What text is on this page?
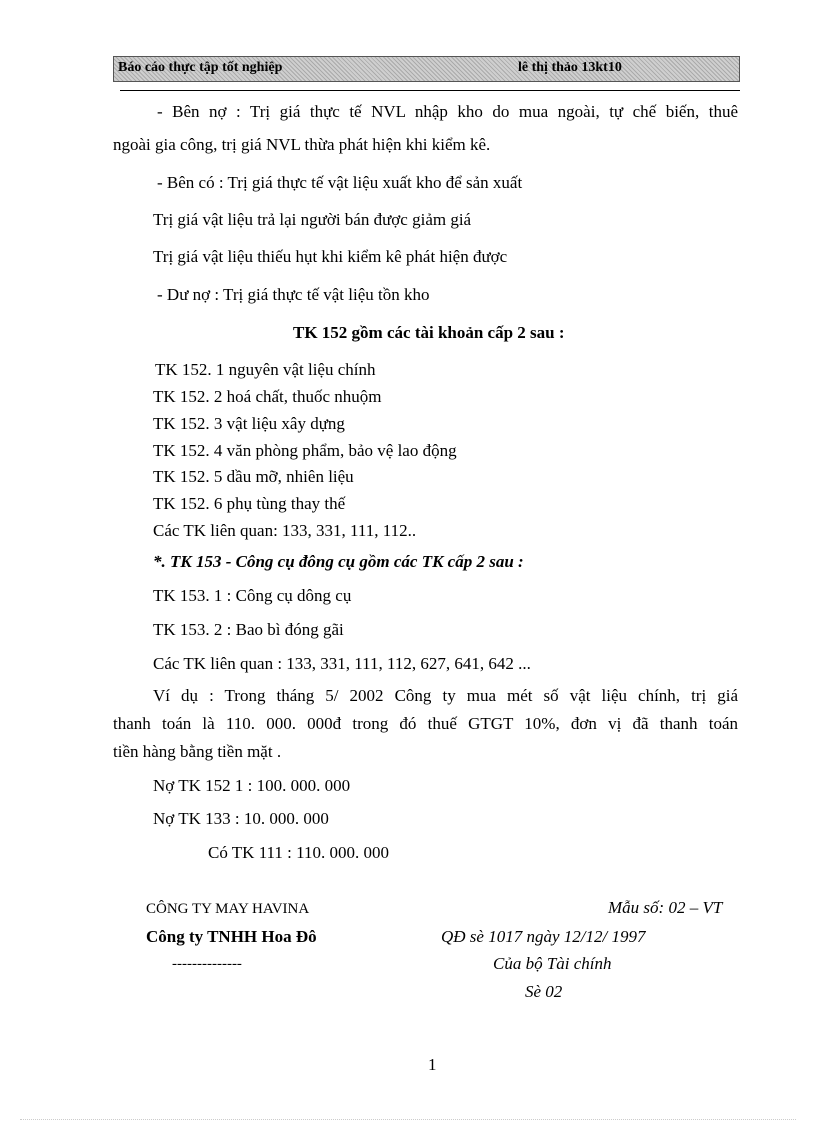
Báo cáo thực tập tốt nghiệp	lê thị thảo 13kt10
- Bên nợ : Trị giá thực tế NVL nhập kho do mua ngoài, tự chế biến, thuê
ngoài gia công, trị giá NVL thừa phát hiện khi kiểm kê.
- Bên có : Trị giá thực tế vật liệu xuất kho để sản xuất
Trị giá vật liệu trả lại người bán được giảm giá
Trị giá vật liệu thiếu hụt khi kiểm kê phát hiện được
- Dư nợ : Trị giá thực tế vật liệu tồn kho
TK 152 gồm các tài khoản cấp 2 sau :
TK 152. 1 nguyên vật liệu chính
TK 152. 2 hoá chất, thuốc nhuộm
TK 152. 3 vật liệu xây dựng
TK 152. 4 văn phòng phẩm, bảo vệ lao động
TK 152. 5 dầu mỡ, nhiên liệu
TK 152. 6 phụ tùng thay thế
Các TK liên quan: 133, 331, 111, 112..
*. TK 153 - Công cụ đông cụ gồm các TK cấp 2 sau :
TK 153. 1 : Công cụ dông cụ
TK 153. 2 : Bao bì đóng gãi
Các TK liên quan : 133, 331, 111, 112, 627, 641, 642 ...
Ví dụ : Trong tháng 5/ 2002 Công ty mua mét số vật liệu chính, trị giá
thanh toán là 110. 000. 000đ trong đó thuế GTGT 10%, đơn vị đã thanh toán
tiền hàng bằng tiền mặt .
Nợ TK 152 1 : 100. 000. 000
Nợ TK 133 : 10. 000. 000
Có TK 111 : 110. 000. 000
CÔNG TY MAY HAVINA
Công ty TNHH Hoa Đô
--------------
Mẫu số: 02 – VT
QĐ sè 1017 ngày 12/12/ 1997
Của bộ Tài chính
Sè 02
1
